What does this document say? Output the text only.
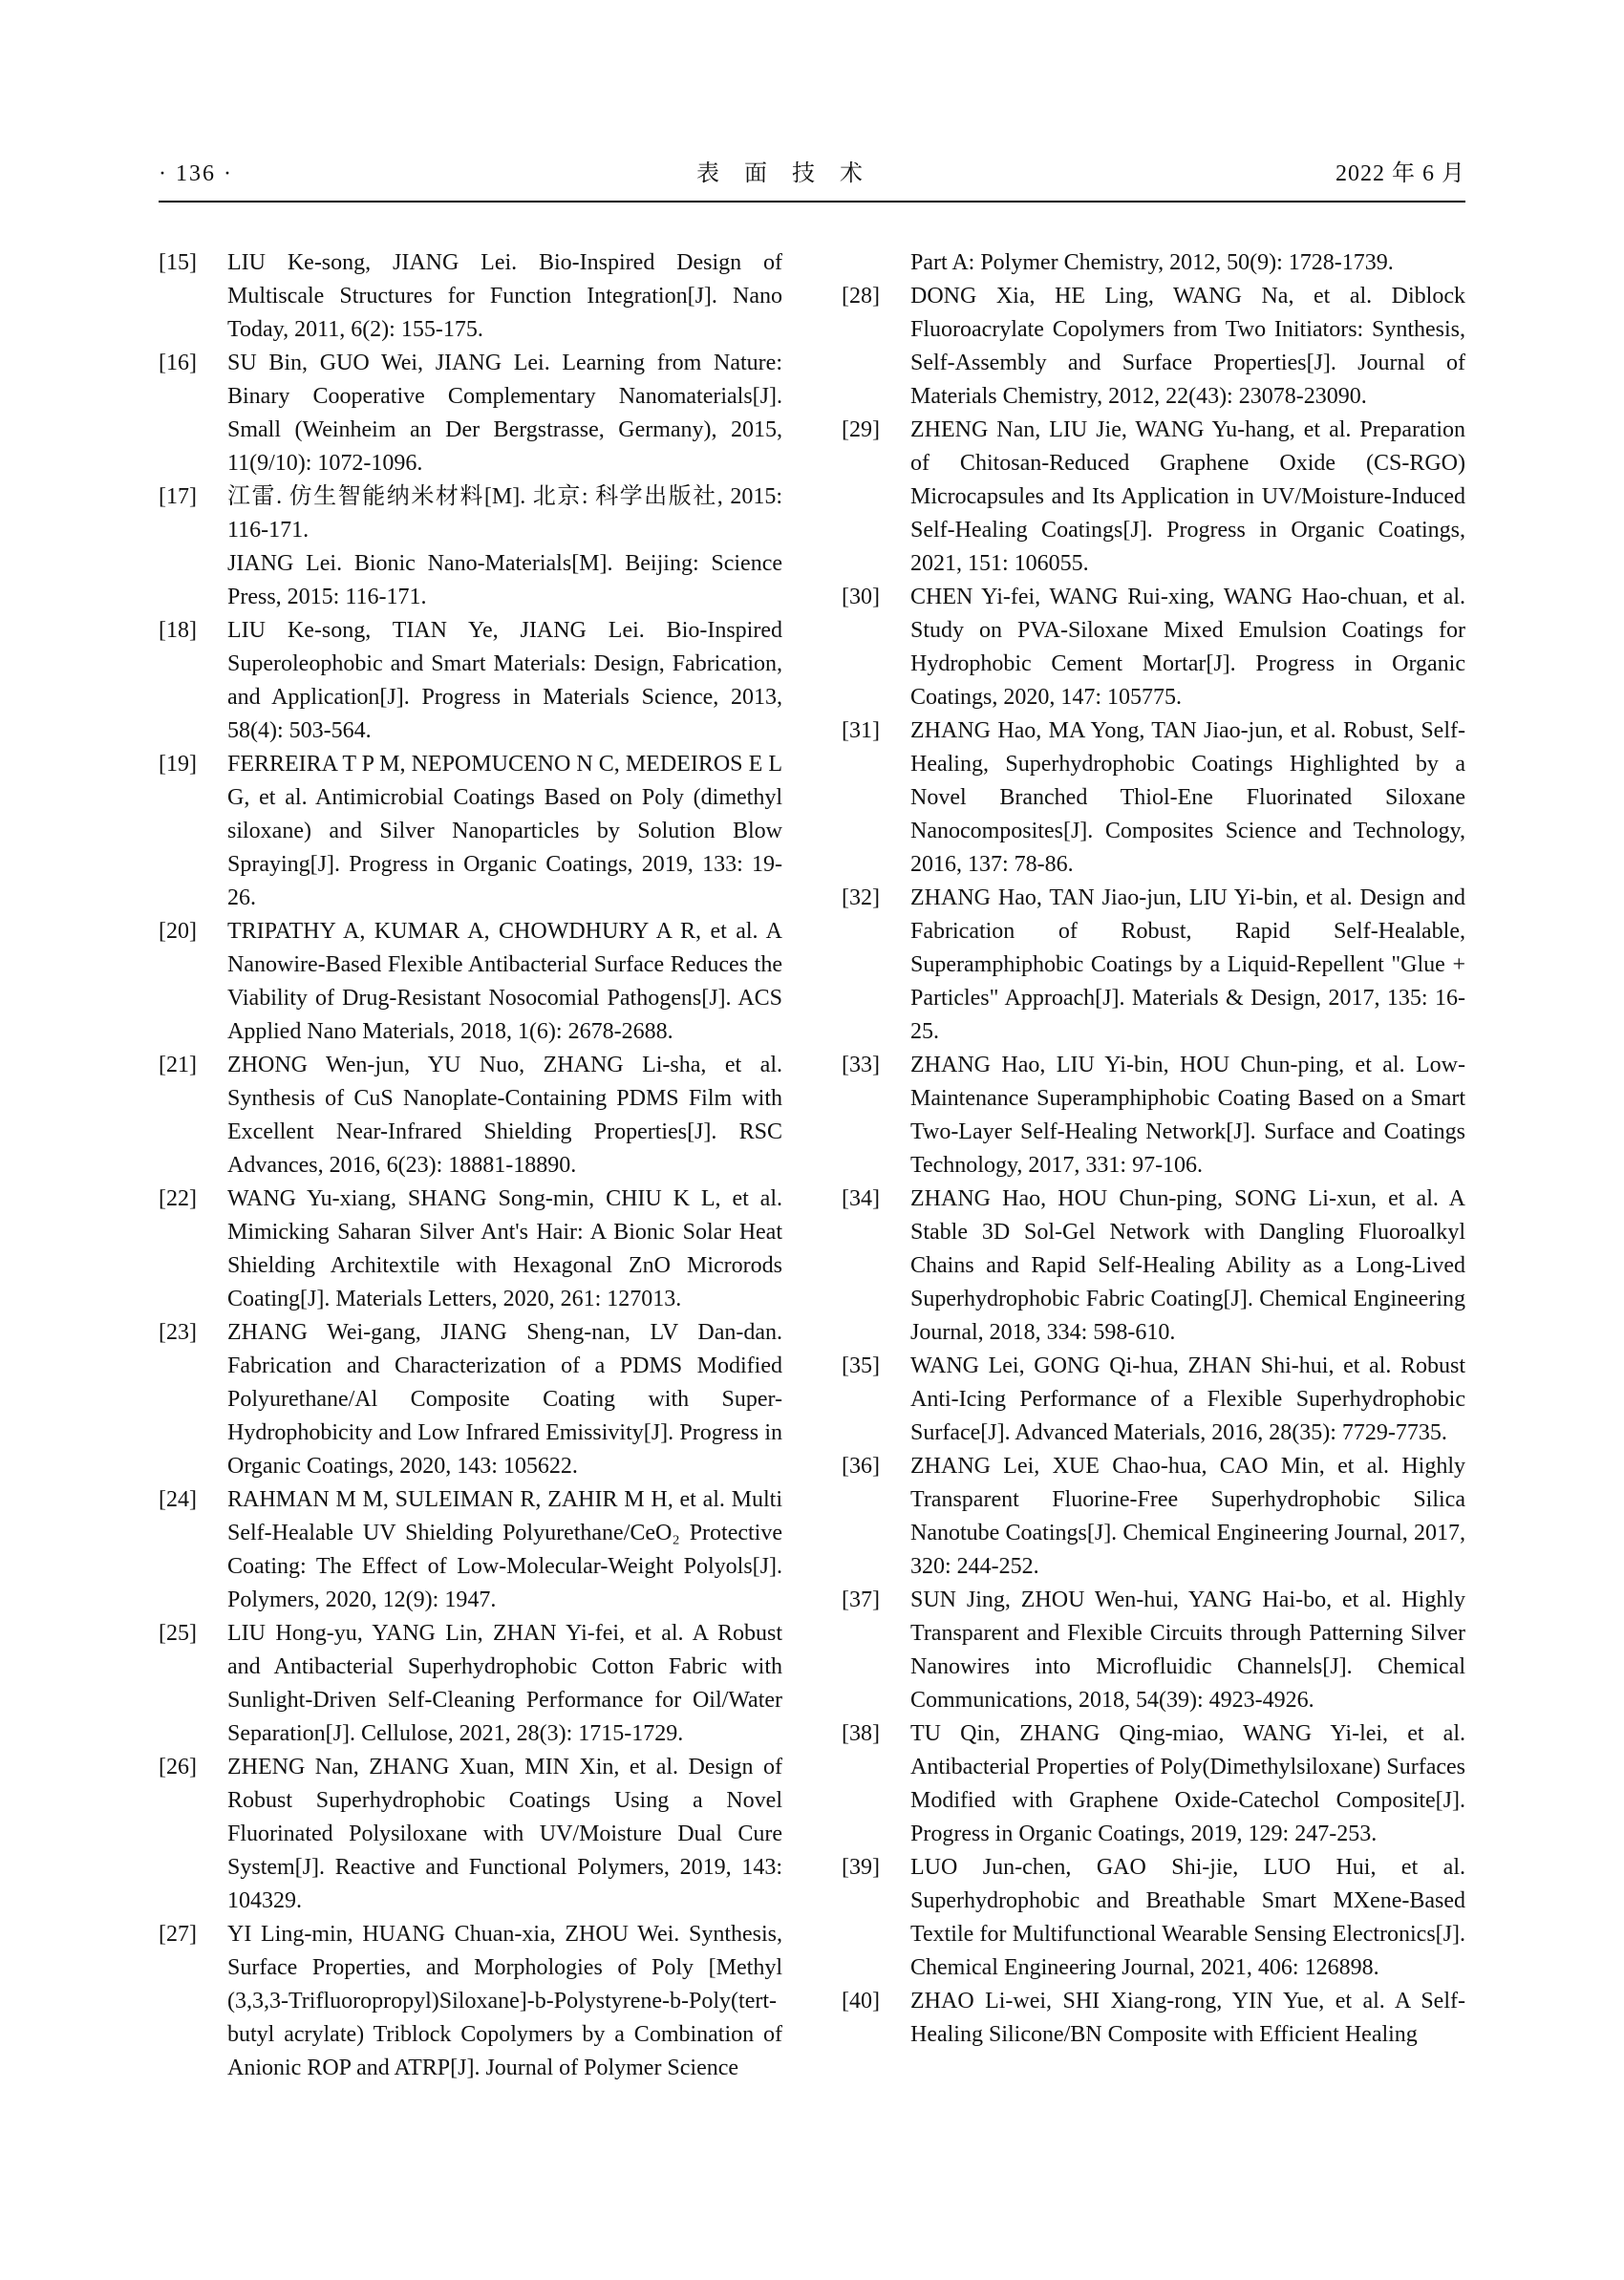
· 136 ·	表 面 技 术	2022 年 6 月
[15] LIU Ke-song, JIANG Lei. Bio-Inspired Design of Multiscale Structures for Function Integration[J]. Nano Today, 2011, 6(2): 155-175.
[16] SU Bin, GUO Wei, JIANG Lei. Learning from Nature: Binary Cooperative Complementary Nanomaterials[J]. Small (Weinheim an Der Bergstrasse, Germany), 2015, 11(9/10): 1072-1096.
[17] 江雷. 仿生智能纳米材料[M]. 北京: 科学出版社, 2015: 116-171.
JIANG Lei. Bionic Nano-Materials[M]. Beijing: Science Press, 2015: 116-171.
[18] LIU Ke-song, TIAN Ye, JIANG Lei. Bio-Inspired Superoleophobic and Smart Materials: Design, Fabrication, and Application[J]. Progress in Materials Science, 2013, 58(4): 503-564.
[19] FERREIRA T P M, NEPOMUCENO N C, MEDEIROS E L G, et al. Antimicrobial Coatings Based on Poly (dimethyl siloxane) and Silver Nanoparticles by Solution Blow Spraying[J]. Progress in Organic Coatings, 2019, 133: 19-26.
[20] TRIPATHY A, KUMAR A, CHOWDHURY A R, et al. A Nanowire-Based Flexible Antibacterial Surface Reduces the Viability of Drug-Resistant Nosocomial Pathogens[J]. ACS Applied Nano Materials, 2018, 1(6): 2678-2688.
[21] ZHONG Wen-jun, YU Nuo, ZHANG Li-sha, et al. Synthesis of CuS Nanoplate-Containing PDMS Film with Excellent Near-Infrared Shielding Properties[J]. RSC Advances, 2016, 6(23): 18881-18890.
[22] WANG Yu-xiang, SHANG Song-min, CHIU K L, et al. Mimicking Saharan Silver Ant's Hair: A Bionic Solar Heat Shielding Architextile with Hexagonal ZnO Microrods Coating[J]. Materials Letters, 2020, 261: 127013.
[23] ZHANG Wei-gang, JIANG Sheng-nan, LV Dan-dan. Fabrication and Characterization of a PDMS Modified Polyurethane/Al Composite Coating with Super-Hydrophobicity and Low Infrared Emissivity[J]. Progress in Organic Coatings, 2020, 143: 105622.
[24] RAHMAN M M, SULEIMAN R, ZAHIR M H, et al. Multi Self-Healable UV Shielding Polyurethane/CeO₂ Protective Coating: The Effect of Low-Molecular-Weight Polyols[J]. Polymers, 2020, 12(9): 1947.
[25] LIU Hong-yu, YANG Lin, ZHAN Yi-fei, et al. A Robust and Antibacterial Superhydrophobic Cotton Fabric with Sunlight-Driven Self-Cleaning Performance for Oil/Water Separation[J]. Cellulose, 2021, 28(3): 1715-1729.
[26] ZHENG Nan, ZHANG Xuan, MIN Xin, et al. Design of Robust Superhydrophobic Coatings Using a Novel Fluorinated Polysiloxane with UV/Moisture Dual Cure System[J]. Reactive and Functional Polymers, 2019, 143: 104329.
[27] YI Ling-min, HUANG Chuan-xia, ZHOU Wei. Synthesis, Surface Properties, and Morphologies of Poly [Methyl (3,3,3-Trifluoropropyl)Siloxane]-b-Polystyrene-b-Poly(tert-butyl acrylate) Triblock Copolymers by a Combination of Anionic ROP and ATRP[J]. Journal of Polymer Science
Part A: Polymer Chemistry, 2012, 50(9): 1728-1739.
[28] DONG Xia, HE Ling, WANG Na, et al. Diblock Fluoroacrylate Copolymers from Two Initiators: Synthesis, Self-Assembly and Surface Properties[J]. Journal of Materials Chemistry, 2012, 22(43): 23078-23090.
[29] ZHENG Nan, LIU Jie, WANG Yu-hang, et al. Preparation of Chitosan-Reduced Graphene Oxide (CS-RGO) Microcapsules and Its Application in UV/Moisture-Induced Self-Healing Coatings[J]. Progress in Organic Coatings, 2021, 151: 106055.
[30] CHEN Yi-fei, WANG Rui-xing, WANG Hao-chuan, et al. Study on PVA-Siloxane Mixed Emulsion Coatings for Hydrophobic Cement Mortar[J]. Progress in Organic Coatings, 2020, 147: 105775.
[31] ZHANG Hao, MA Yong, TAN Jiao-jun, et al. Robust, Self-Healing, Superhydrophobic Coatings Highlighted by a Novel Branched Thiol-Ene Fluorinated Siloxane Nanocomposites[J]. Composites Science and Technology, 2016, 137: 78-86.
[32] ZHANG Hao, TAN Jiao-jun, LIU Yi-bin, et al. Design and Fabrication of Robust, Rapid Self-Healable, Superamphiphobic Coatings by a Liquid-Repellent "Glue + Particles" Approach[J]. Materials & Design, 2017, 135: 16-25.
[33] ZHANG Hao, LIU Yi-bin, HOU Chun-ping, et al. Low-Maintenance Superamphiphobic Coating Based on a Smart Two-Layer Self-Healing Network[J]. Surface and Coatings Technology, 2017, 331: 97-106.
[34] ZHANG Hao, HOU Chun-ping, SONG Li-xun, et al. A Stable 3D Sol-Gel Network with Dangling Fluoroalkyl Chains and Rapid Self-Healing Ability as a Long-Lived Superhydrophobic Fabric Coating[J]. Chemical Engineering Journal, 2018, 334: 598-610.
[35] WANG Lei, GONG Qi-hua, ZHAN Shi-hui, et al. Robust Anti-Icing Performance of a Flexible Superhydrophobic Surface[J]. Advanced Materials, 2016, 28(35): 7729-7735.
[36] ZHANG Lei, XUE Chao-hua, CAO Min, et al. Highly Transparent Fluorine-Free Superhydrophobic Silica Nanotube Coatings[J]. Chemical Engineering Journal, 2017, 320: 244-252.
[37] SUN Jing, ZHOU Wen-hui, YANG Hai-bo, et al. Highly Transparent and Flexible Circuits through Patterning Silver Nanowires into Microfluidic Channels[J]. Chemical Communications, 2018, 54(39): 4923-4926.
[38] TU Qin, ZHANG Qing-miao, WANG Yi-lei, et al. Antibacterial Properties of Poly(Dimethylsiloxane) Surfaces Modified with Graphene Oxide-Catechol Composite[J]. Progress in Organic Coatings, 2019, 129: 247-253.
[39] LUO Jun-chen, GAO Shi-jie, LUO Hui, et al. Superhydrophobic and Breathable Smart MXene-Based Textile for Multifunctional Wearable Sensing Electronics[J]. Chemical Engineering Journal, 2021, 406: 126898.
[40] ZHAO Li-wei, SHI Xiang-rong, YIN Yue, et al. A Self-Healing Silicone/BN Composite with Efficient Healing
